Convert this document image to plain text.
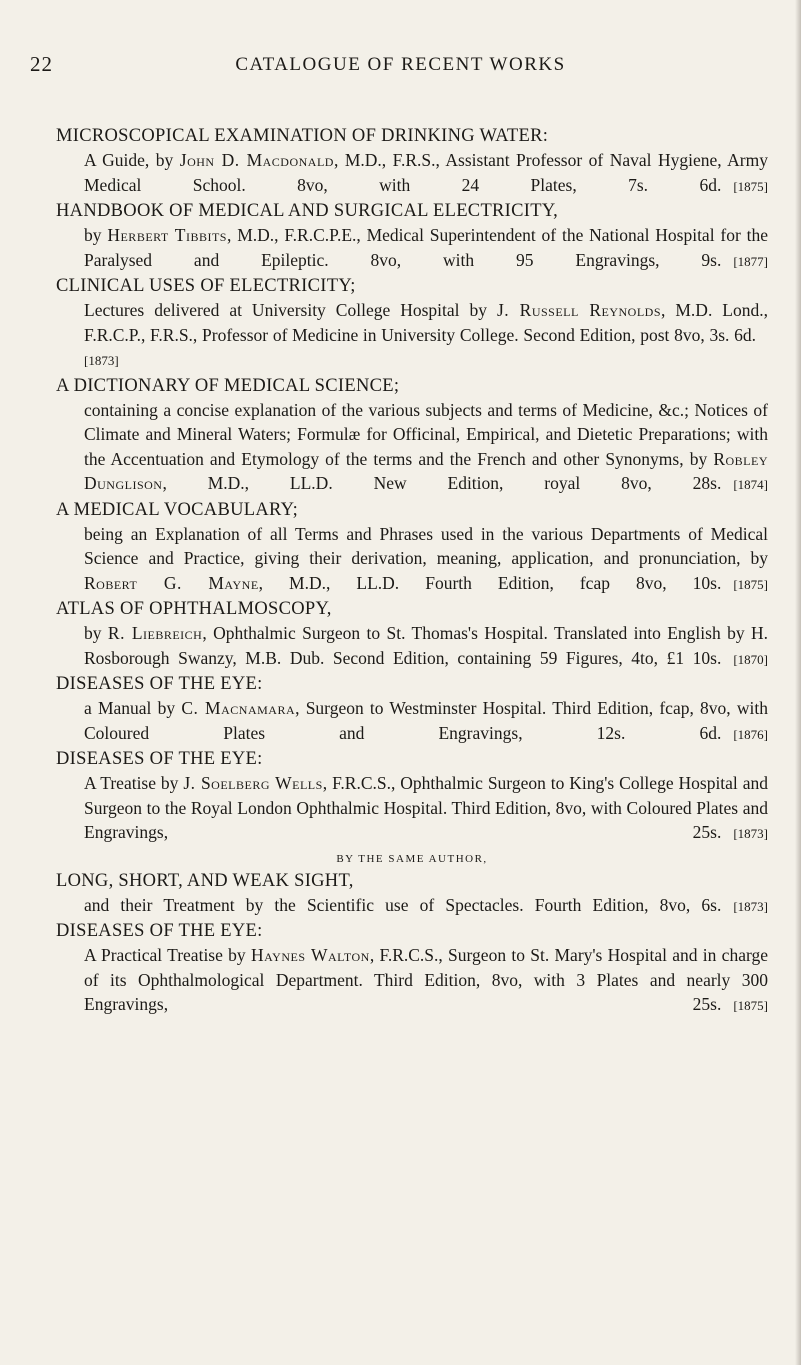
22	CATALOGUE OF RECENT WORKS

MICROSCOPICAL EXAMINATION OF DRINKING WATER:

A Guide, by John D. Macdonald, M.D., F.R.S., Assistant Professor of Naval Hygiene, Army Medical School. 8vo, with 24 Plates, 7s. 6d. [1875]

HANDBOOK OF MEDICAL AND SURGICAL ELECTRICITY,

by Herbert Tibbits, M.D., F.R.C.P.E., Medical Superintendent of the National Hospital for the Paralysed and Epileptic. 8vo, with 95 Engravings, 9s. [1877]

CLINICAL USES OF ELECTRICITY;

Lectures delivered at University College Hospital by J. Russell Reynolds, M.D. Lond., F.R.C.P., F.R.S., Professor of Medicine in University College. Second Edition, post 8vo, 3s. 6d.[1873]

A DICTIONARY OF MEDICAL SCIENCE;

containing a concise explanation of the various subjects and terms of Medicine, &c.; Notices of Climate and Mineral Waters; Formulæ for Officinal, Empirical, and Dietetic Preparations; with the Accentuation and Etymology of the terms and the French and other Synonyms, by Robley Dunglison, M.D., LL.D. New Edition, royal 8vo, 28s. [1874]

A MEDICAL VOCABULARY;

being an Explanation of all Terms and Phrases used in the various Departments of Medical Science and Practice, giving their derivation, meaning, application, and pronunciation, by Robert G. Mayne, M.D., LL.D. Fourth Edition, fcap 8vo, 10s. [1875]

ATLAS OF OPHTHALMOSCOPY,

by R. Liebreich, Ophthalmic Surgeon to St. Thomas's Hospital. Translated into English by H. Rosborough Swanzy, M.B. Dub. Second Edition, containing 59 Figures, 4to, £1 10s. [1870]

DISEASES OF THE EYE:

a Manual by C. Macnamara, Surgeon to Westminster Hospital. Third Edition, fcap, 8vo, with Coloured Plates and Engravings, 12s. 6d. [1876]

DISEASES OF THE EYE:

A Treatise by J. Soelberg Wells, F.R.C.S., Ophthalmic Surgeon to King's College Hospital and Surgeon to the Royal London Ophthalmic Hospital. Third Edition, 8vo, with Coloured Plates and Engravings, 25s. [1873]

BY THE SAME AUTHOR,

LONG, SHORT, AND WEAK SIGHT,

and their Treatment by the Scientific use of Spectacles. Fourth Edition, 8vo, 6s. [1873]

DISEASES OF THE EYE:

A Practical Treatise by Haynes Walton, F.R.C.S., Surgeon to St. Mary's Hospital and in charge of its Ophthalmological Department. Third Edition, 8vo, with 3 Plates and nearly 300 Engravings, 25s. [1875]
